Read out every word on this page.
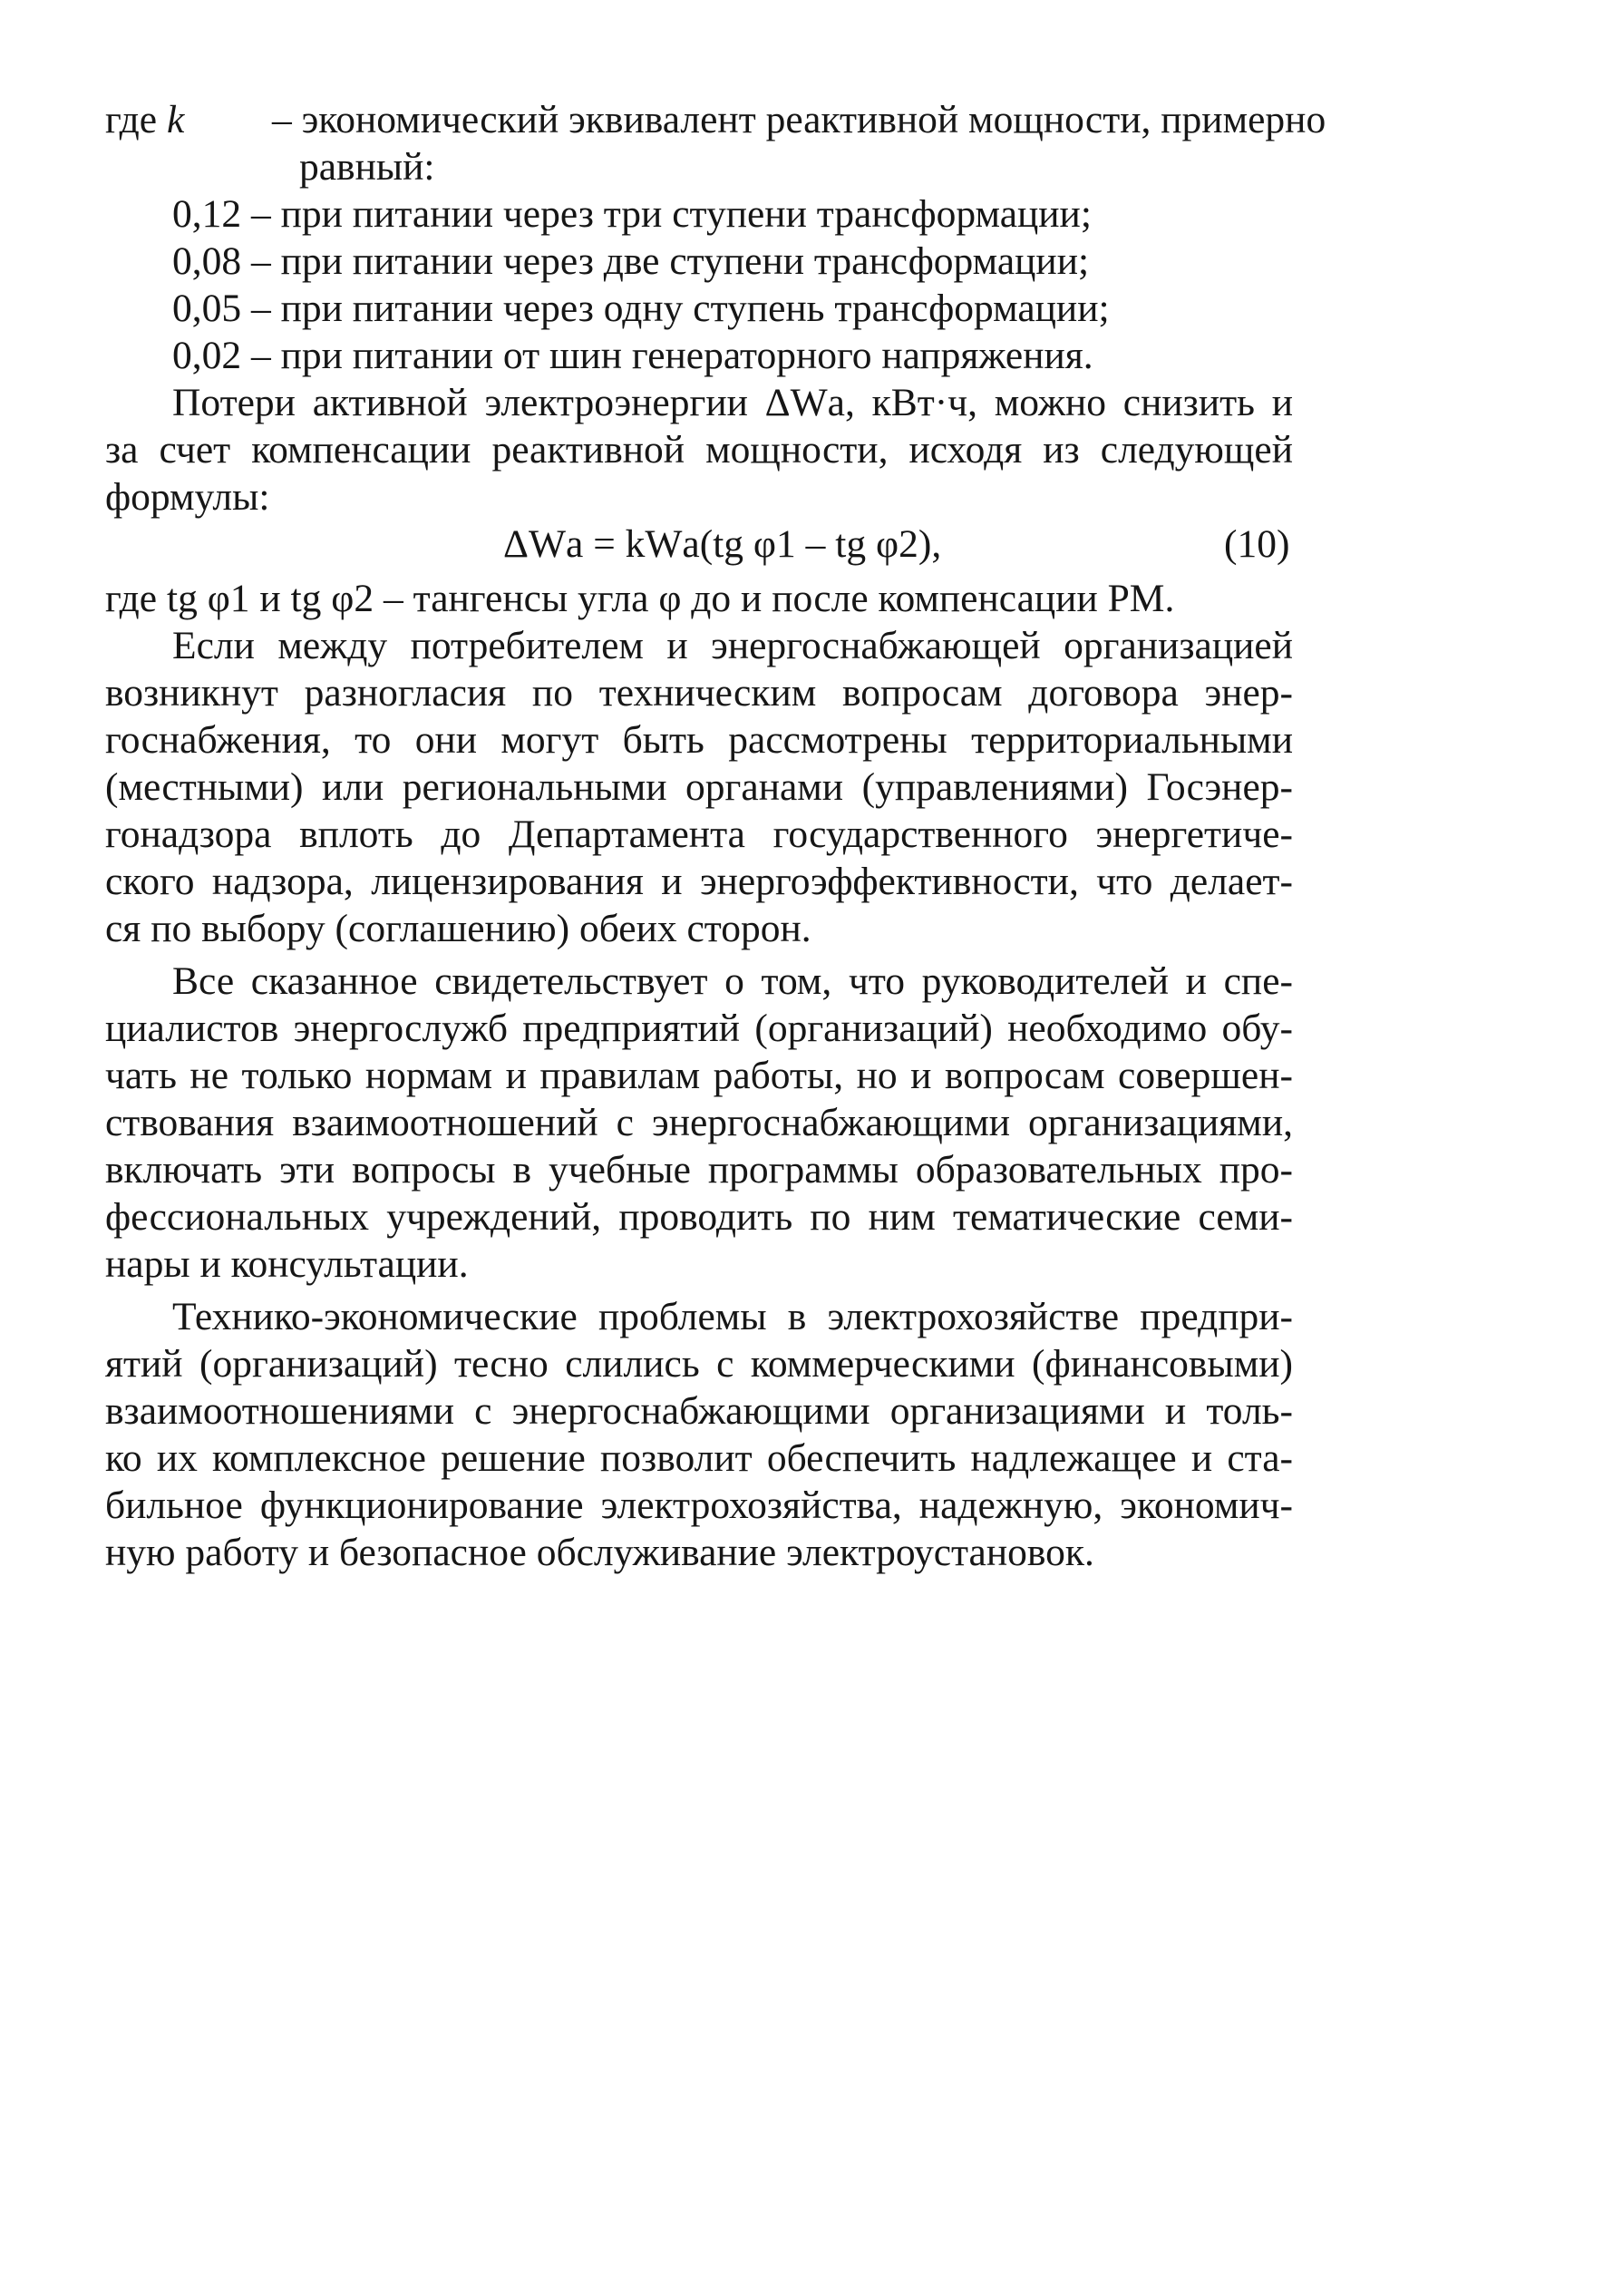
где k – экономический эквивалент реактивной мощности, примерно
равный:
0,12 – при питании через три ступени трансформации;
0,08 – при питании через две ступени трансформации;
0,05 – при питании через одну ступень трансформации;
0,02 – при питании от шин генераторного напряжения.
Потери активной электроэнергии ΔWа, кВт·ч, можно снизить и
за счет компенсации реактивной мощности, исходя из следующей
формулы:
ΔWа = kWа(tg φ1 – tg φ2),	(10)
где tg φ1 и tg φ2 – тангенсы угла φ до и после компенсации РМ.
Если между потребителем и энергоснабжающей организацией
возникнут разногласия по техническим вопросам договора энер-
госнабжения, то они могут быть рассмотрены территориальными
(местными) или региональными органами (управлениями) Госэнер-
гонадзора вплоть до Департамента государственного энергетиче-
ского надзора, лицензирования и энергоэффективности, что делает-
ся по выбору (соглашению) обеих сторон.
Все сказанное свидетельствует о том, что руководителей и спе-
циалистов энергослужб предприятий (организаций) необходимо обу-
чать не только нормам и правилам работы, но и вопросам совершен-
ствования взаимоотношений с энергоснабжающими организациями,
включать эти вопросы в учебные программы образовательных про-
фессиональных учреждений, проводить по ним тематические семи-
нары и консультации.
Технико-экономические проблемы в электрохозяйстве предпри-
ятий (организаций) тесно слились с коммерческими (финансовыми)
взаимоотношениями с энергоснабжающими организациями и толь-
ко их комплексное решение позволит обеспечить надлежащее и ста-
бильное функционирование электрохозяйства, надежную, экономич-
ную работу и безопасное обслуживание электроустановок.
